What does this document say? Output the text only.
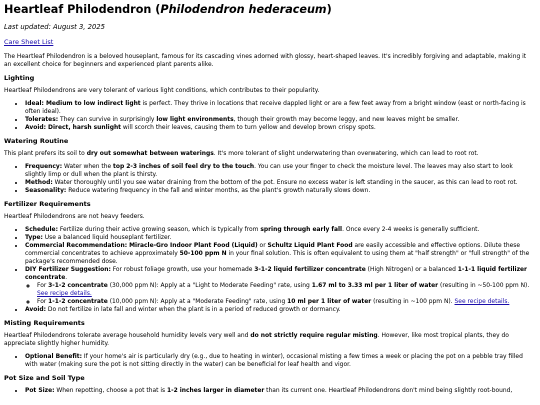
Heartleaf Philodendron (Philodendron hederaceum)

Last updated: August 3, 2025

Care Sheet List

The Heartleaf Philodendron is a beloved houseplant, famous for its cascading vines adorned with glossy, heart-shaped leaves. It's incredibly forgiving and adaptable, making it an excellent choice for beginners and experienced plant parents alike.

Lighting

Heartleaf Philodendrons are very tolerant of various light conditions, which contributes to their popularity.

• Ideal: Medium to low indirect light is perfect. They thrive in locations that receive dappled light or are a few feet away from a bright window (east or north-facing is often ideal).
• Tolerates: They can survive in surprisingly low light environments, though their growth may become leggy, and new leaves might be smaller.
• Avoid: Direct, harsh sunlight will scorch their leaves, causing them to turn yellow and develop brown crispy spots.
Watering Routine

This plant prefers its soil to dry out somewhat between waterings. It's more tolerant of slight underwatering than overwatering, which can lead to root rot.

• Frequency: Water when the top 2-3 inches of soil feel dry to the touch. You can use your finger to check the moisture level. The leaves may also start to look slightly limp or dull when the plant is thirsty.
• Method: Water thoroughly until you see water draining from the bottom of the pot. Ensure no excess water is left standing in the saucer, as this can lead to root rot.
• Seasonality: Reduce watering frequency in the fall and winter months, as the plant's growth naturally slows down.
Fertilizer Requirements

Heartleaf Philodendrons are not heavy feeders.

• Schedule: Fertilize during their active growing season, which is typically from spring through early fall. Once every 2-4 weeks is generally sufficient.
• Type: Use a balanced liquid houseplant fertilizer.
• Commercial Recommendation: Miracle-Gro Indoor Plant Food (Liquid) or Schultz Liquid Plant Food are easily accessible and effective options. Dilute these commercial concentrates to achieve approximately 50-100 ppm N in your final solution. This is often equivalent to using them at "half strength" or "full strength" of the package's recommended dose.
• DIY Fertilizer Suggestion: For robust foliage growth, use your homemade 3-1-2 liquid fertilizer concentrate (High Nitrogen) or a balanced 1-1-1 liquid fertilizer concentrate.
◦ For 3-1-2 concentrate (30,000 ppm N): Apply at a "Light to Moderate Feeding" rate, using 1.67 ml to 3.33 ml per 1 liter of water (resulting in ~50-100 ppm N). See recipe details.
◦ For 1-1-2 concentrate (10,000 ppm N): Apply at a "Moderate Feeding" rate, using 10 ml per 1 liter of water (resulting in ~100 ppm N). See recipe details.
• Avoid: Do not fertilize in late fall and winter when the plant is in a period of reduced growth or dormancy.
Misting Requirements

Heartleaf Philodendrons tolerate average household humidity levels very well and do not strictly require regular misting. However, like most tropical plants, they do appreciate slightly higher humidity.

• Optional Benefit: If your home's air is particularly dry (e.g., due to heating in winter), occasional misting a few times a week or placing the pot on a pebble tray filled with water (making sure the pot is not sitting directly in the water) can be beneficial for leaf health and vigor.
Pot Size and Soil Type
• Pot Size: When repotting, choose a pot that is 1-2 inches larger in diameter than its current one. Heartleaf Philodendrons don't mind being slightly root-bound,
